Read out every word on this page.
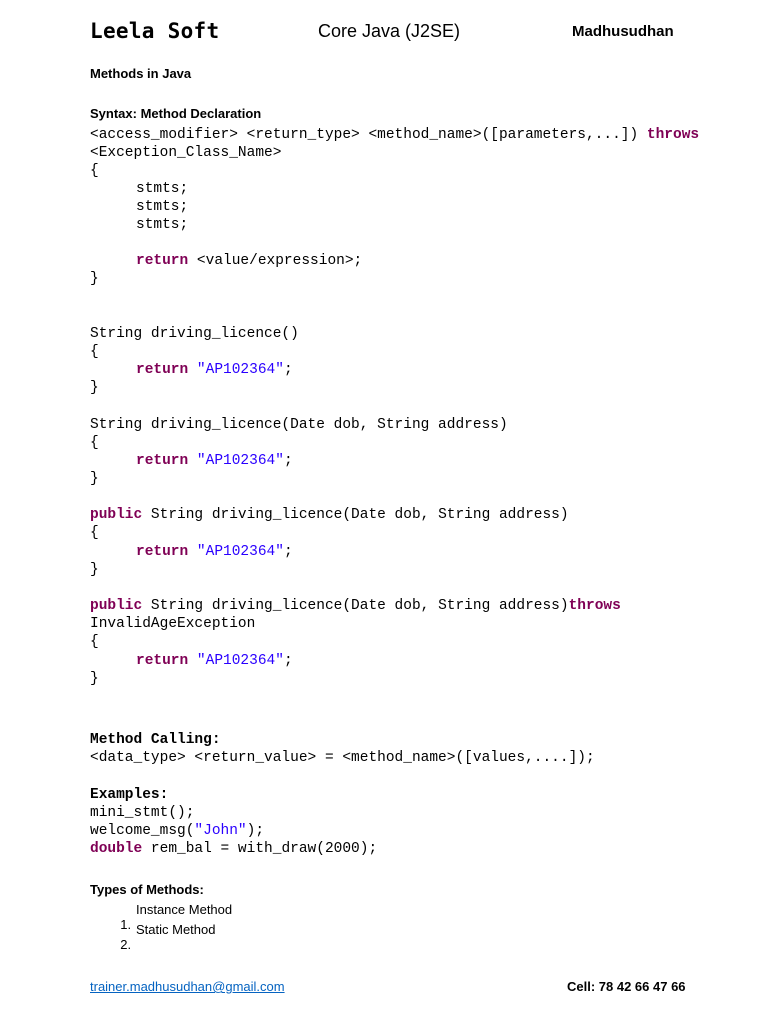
Leela Soft	Core Java (J2SE)	Madhusudhan
Methods in Java
Syntax: Method Declaration
<access_modifier> <return_type> <method_name>([parameters,...]) throws
<Exception_Class_Name>
{
stmts;
stmts;
stmts;
return <value/expression>;
}
String driving_licence()
{
return "AP102364";
}
String driving_licence(Date dob, String address)
{
return "AP102364";
}
public String driving_licence(Date dob, String address)
{
return "AP102364";
}
public String driving_licence(Date dob, String address)throws
InvalidAgeException
{
return "AP102364";
}
Method Calling:
<data_type> <return_value> = <method_name>([values,....]);
Examples:
mini_stmt();
welcome_msg("John");
double rem_bal = with_draw(2000);
Types of Methods:

1.

Instance Method

2.

Static Method
trainer.madhusudhan@gmail.com	Cell: 78 42 66 47 66
